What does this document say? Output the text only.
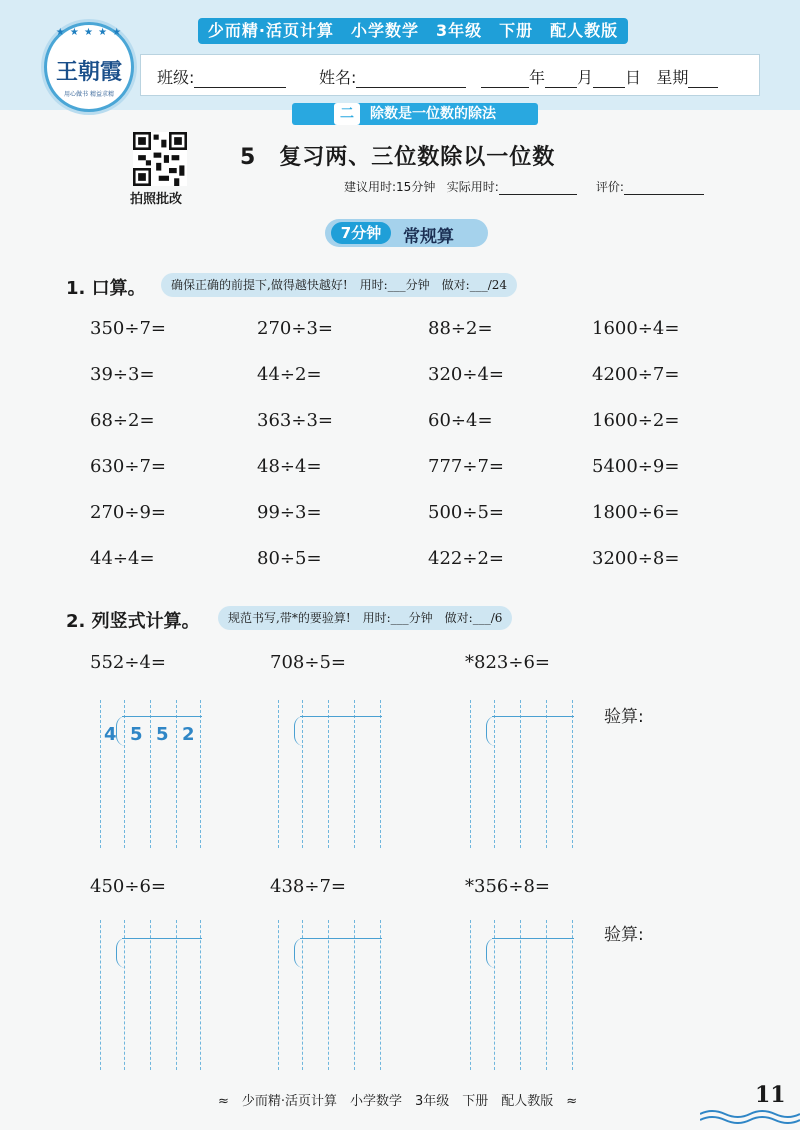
★ ★ ★ ★ ★
王朝霞
用心做书 精益求精
少而精·活页计算　小学数学　3年级　下册　配人教版
班级:	姓名:	年 月 日 星期
二 除数是一位数的除法
拍照批改
5　复习两、三位数除以一位数
建议用时:15分钟 实际用时:	评价:
7分钟	常规算
1. 口算。	确保正确的前提下,做得越快越好!　用时:___分钟　做对:___/24
350÷7=	270÷3=	88÷2=	1600÷4=
39÷3=	44÷2=	320÷4=	4200÷7=
68÷2=	363÷3=	60÷4=	1600÷2=
630÷7=	48÷4=	777÷7=	5400÷9=
270÷9=	99÷3=	500÷5=	1800÷6=
44÷4=	80÷5=	422÷2=	3200÷8=
2. 列竖式计算。	规范书写,带*的要验算!　用时:___分钟　做对:___/6
552÷4=	708÷5=	*823÷6=
验算:
450÷6=	438÷7=	*356÷8=
验算:
4 5 5 2
≈　少而精·活页计算　小学数学　3年级　下册　配人教版　≈	11
